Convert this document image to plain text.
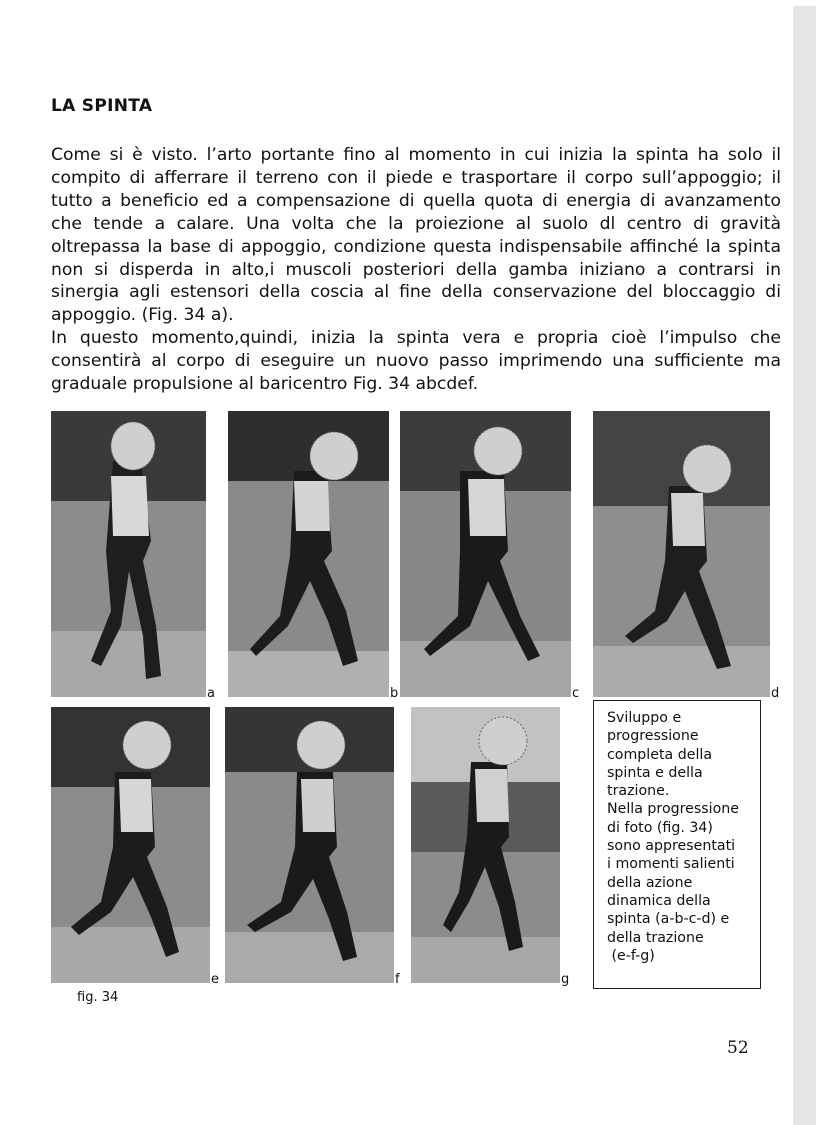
LA SPINTA

Come si è visto. l’arto portante fino al momento in cui inizia la spinta ha solo il compito di afferrare il terreno con il piede e trasportare il corpo sull’appoggio; il tutto a beneficio ed a compensazione di quella quota di energia di avanzamento che tende a calare. Una volta che la proiezione al suolo dl centro di gravità oltrepassa la base di appoggio, condizione questa indispensabile affinché la spinta non si disperda in alto,i muscoli posteriori della gamba iniziano a contrarsi in sinergia agli estensori della coscia al fine della conservazione del bloccaggio di appoggio. (Fig. 34 a).

In questo momento,quindi, inizia la spinta vera e propria cioè l’impulso che consentirà al corpo di eseguire un nuovo passo imprimendo una sufficiente ma graduale propulsione al baricentro Fig. 34 abcdef.

a	b	c	d
e	f	g
Sviluppo e
progressione
completa della
spinta e della
trazione.
Nella progressione
di foto (fig. 34)
sono appresentati
i momenti salienti
della azione
dinamica della
spinta (a-b-c-d) e
della trazione
(e-f-g)
fig. 34
52
